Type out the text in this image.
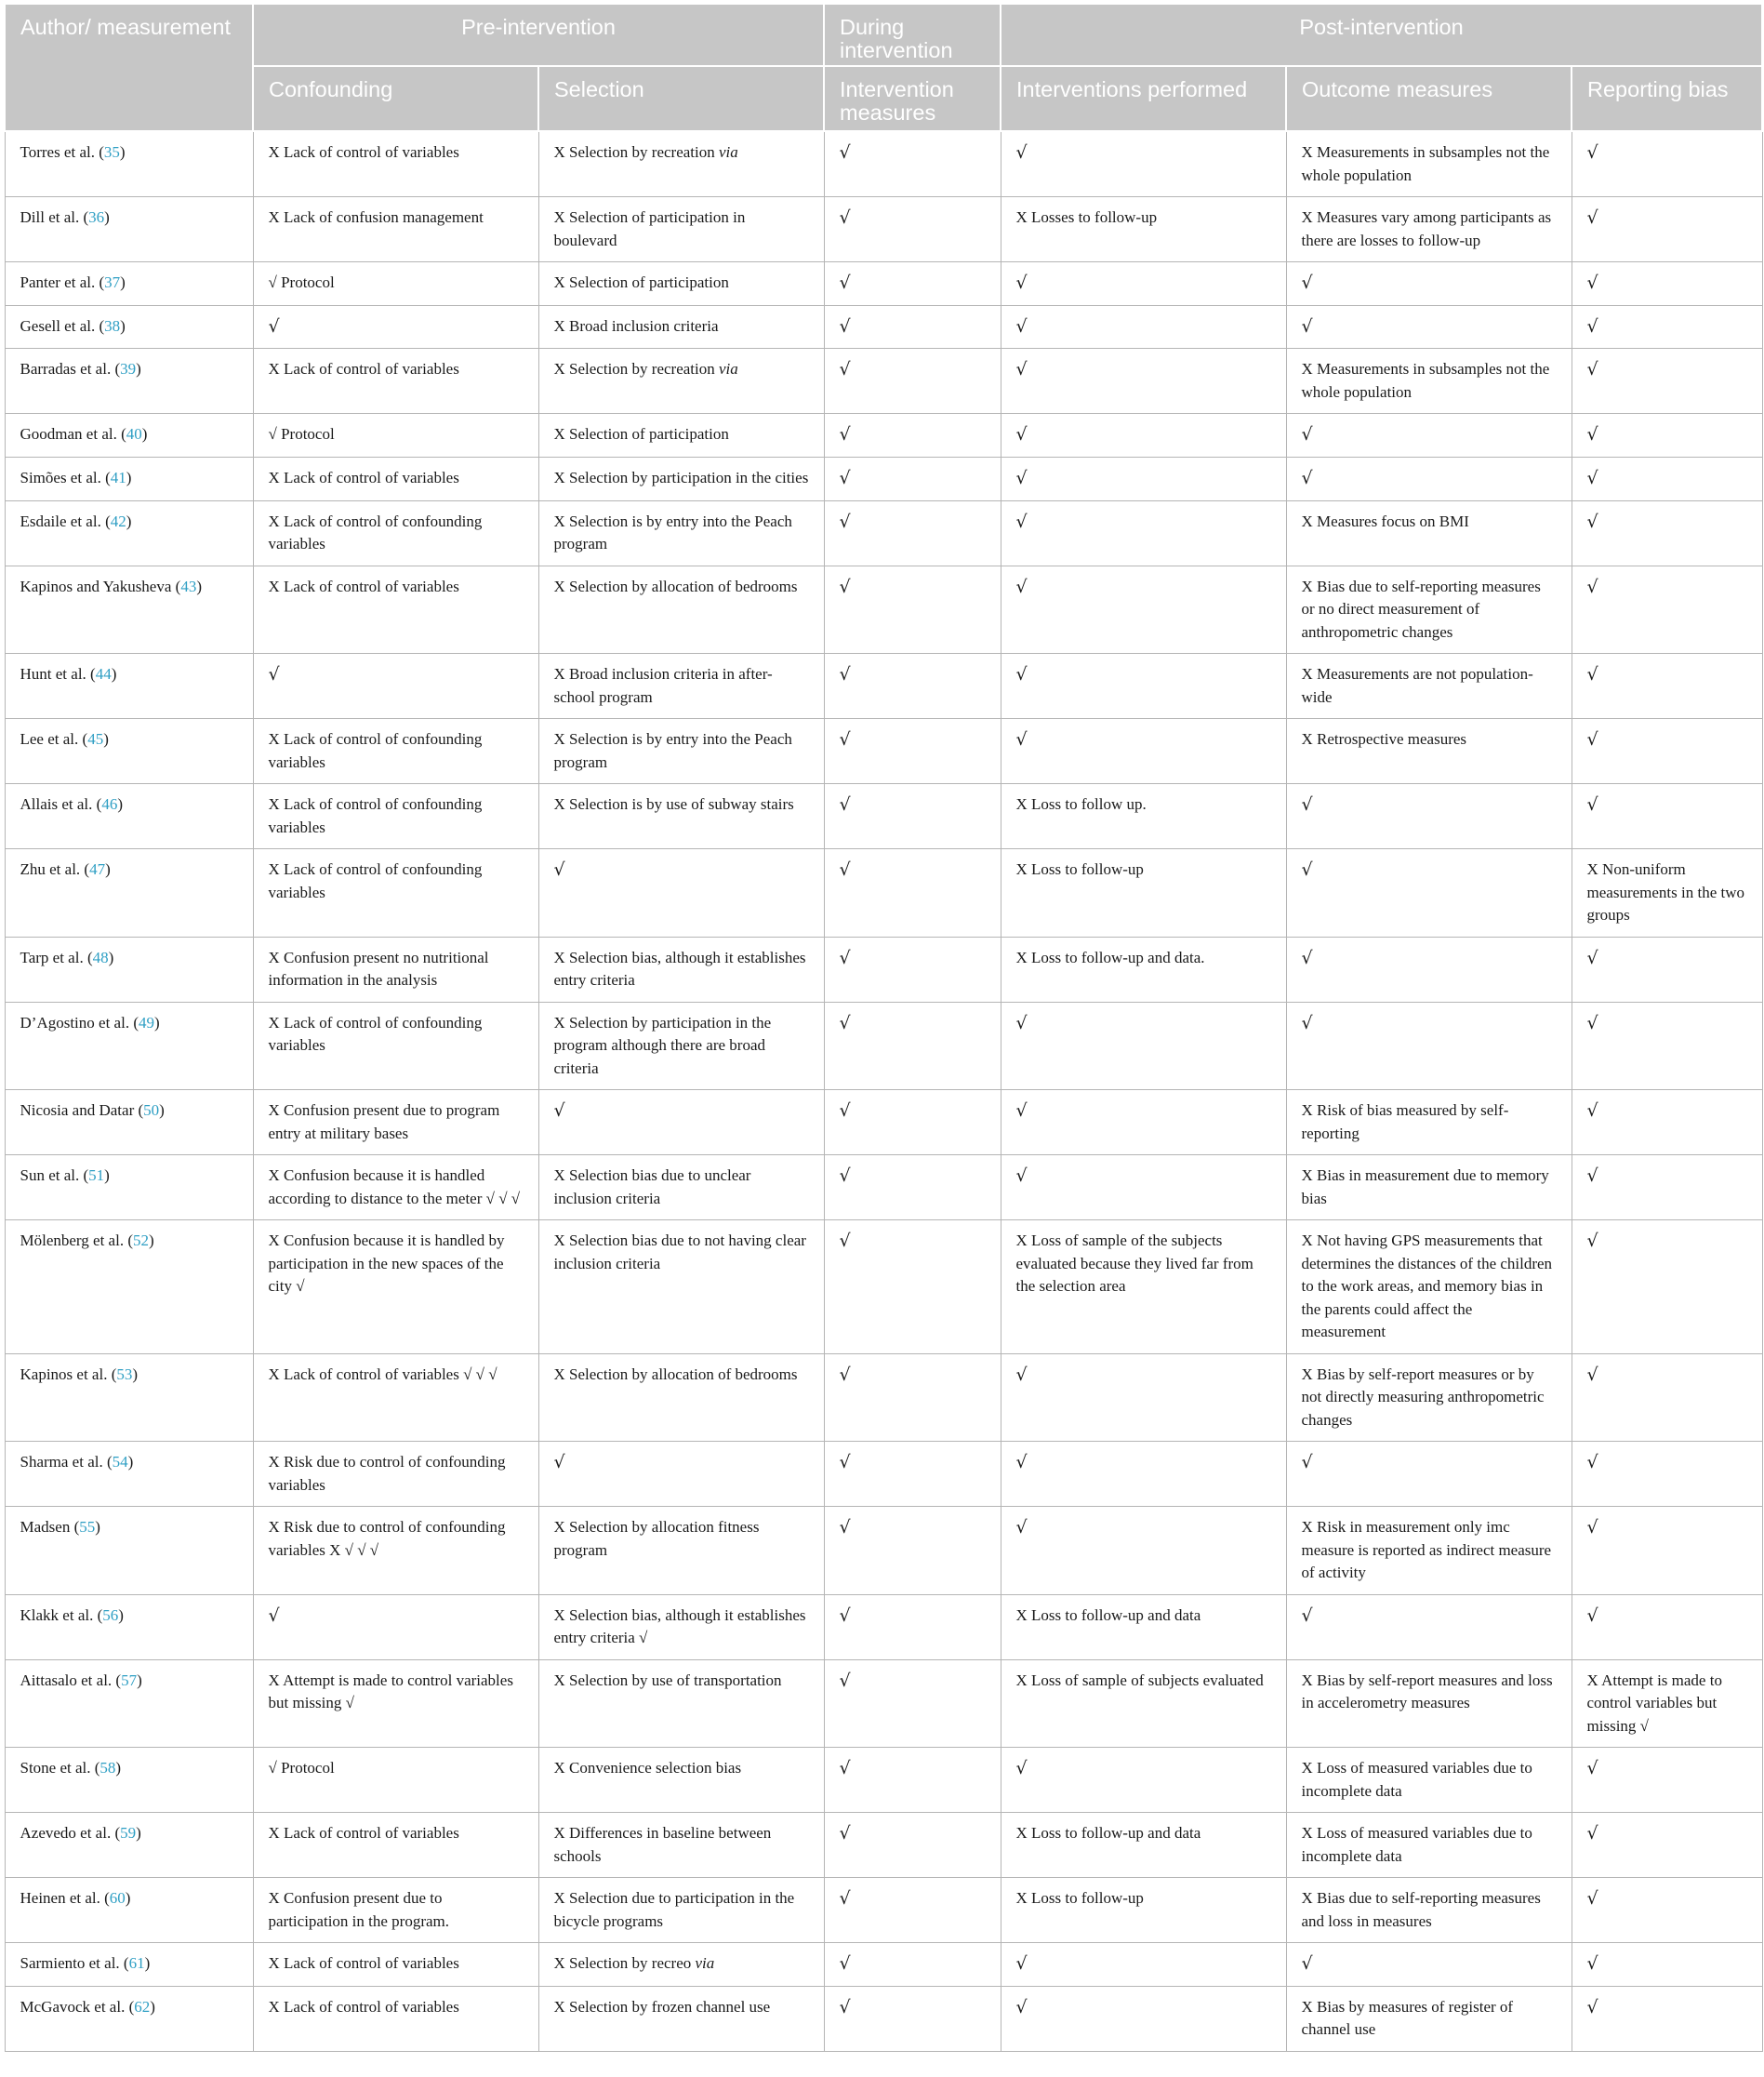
Author/ measurement	Pre-intervention		During intervention	Post-intervention		
	Confounding	Selection	Intervention measures	Interventions performed	Outcome measures	Reporting bias
Torres et al. (35)	X Lack of control of variables	X Selection by recreation via	√	√	X Measurements in subsamples not the whole population	√
Dill et al. (36)	X Lack of confusion management	X Selection of participation in boulevard	√	X Losses to follow-up	X Measures vary among participants as there are losses to follow-up	√
Panter et al. (37)	√ Protocol	X Selection of participation	√	√	√	√
Gesell et al. (38)	√	X Broad inclusion criteria	√	√	√	√
Barradas et al. (39)	X Lack of control of variables	X Selection by recreation via	√	√	X Measurements in subsamples not the whole population	√
Goodman et al. (40)	√ Protocol	X Selection of participation	√	√	√	√
Simões et al. (41)	X Lack of control of variables	X Selection by participation in the cities	√	√	√	√
Esdaile et al. (42)	X Lack of control of confounding variables	X Selection is by entry into the Peach program	√	√	X Measures focus on BMI	√
Kapinos and Yakusheva (43)	X Lack of control of variables	X Selection by allocation of bedrooms	√	√	X Bias due to self-reporting measures or no direct measurement of anthropometric changes	√
Hunt et al. (44)	√	X Broad inclusion criteria in after-school program	√	√	X Measurements are not population-wide	√
Lee et al. (45)	X Lack of control of confounding variables	X Selection is by entry into the Peach program	√	√	X Retrospective measures	√
Allais et al. (46)	X Lack of control of confounding variables	X Selection is by use of subway stairs	√	X Loss to follow up.	√	√
Zhu et al. (47)	X Lack of control of confounding variables	√	√	X Loss to follow-up	√	X Non-uniform measurements in the two groups
Tarp et al. (48)	X Confusion present no nutritional information in the analysis	X Selection bias, although it establishes entry criteria	√	X Loss to follow-up and data.	√	√
D’Agostino et al. (49)	X Lack of control of confounding variables	X Selection by participation in the program although there are broad criteria	√	√	√	√
Nicosia and Datar (50)	X Confusion present due to program entry at military bases	√	√	√	X Risk of bias measured by self-reporting	√
Sun et al. (51)	X Confusion because it is handled according to distance to the meter √ √ √	X Selection bias due to unclear inclusion criteria	√	√	X Bias in measurement due to memory bias	√
Mölenberg et al. (52)	X Confusion because it is handled by participation in the new spaces of the city √	X Selection bias due to not having clear inclusion criteria	√	X Loss of sample of the subjects evaluated because they lived far from the selection area	X Not having GPS measurements that determines the distances of the children to the work areas, and memory bias in the parents could affect the measurement	√
Kapinos et al. (53)	X Lack of control of variables √ √ √	X Selection by allocation of bedrooms	√	√	X Bias by self-report measures or by not directly measuring anthropometric changes	√
Sharma et al. (54)	X Risk due to control of confounding variables	√	√	√	√	√
Madsen (55)	X Risk due to control of confounding variables X √ √ √	X Selection by allocation fitness program	√	√	X Risk in measurement only imc measure is reported as indirect measure of activity	√
Klakk et al. (56)	√	X Selection bias, although it establishes entry criteria √	√	X Loss to follow-up and data	√	√
Aittasalo et al. (57)	X Attempt is made to control variables but missing √	X Selection by use of transportation	√	X Loss of sample of subjects evaluated	X Bias by self-report measures and loss in accelerometry measures	X Attempt is made to control variables but missing √
Stone et al. (58)	√ Protocol	X Convenience selection bias	√	√	X Loss of measured variables due to incomplete data	√
Azevedo et al. (59)	X Lack of control of variables	X Differences in baseline between schools	√	X Loss to follow-up and data	X Loss of measured variables due to incomplete data	√
Heinen et al. (60)	X Confusion present due to participation in the program.	X Selection due to participation in the bicycle programs	√	X Loss to follow-up	X Bias due to self-reporting measures and loss in measures	√
Sarmiento et al. (61)	X Lack of control of variables	X Selection by recreo via	√	√	√	√
McGavock et al. (62)	X Lack of control of variables	X Selection by frozen channel use	√	√	X Bias by measures of register of channel use	√
